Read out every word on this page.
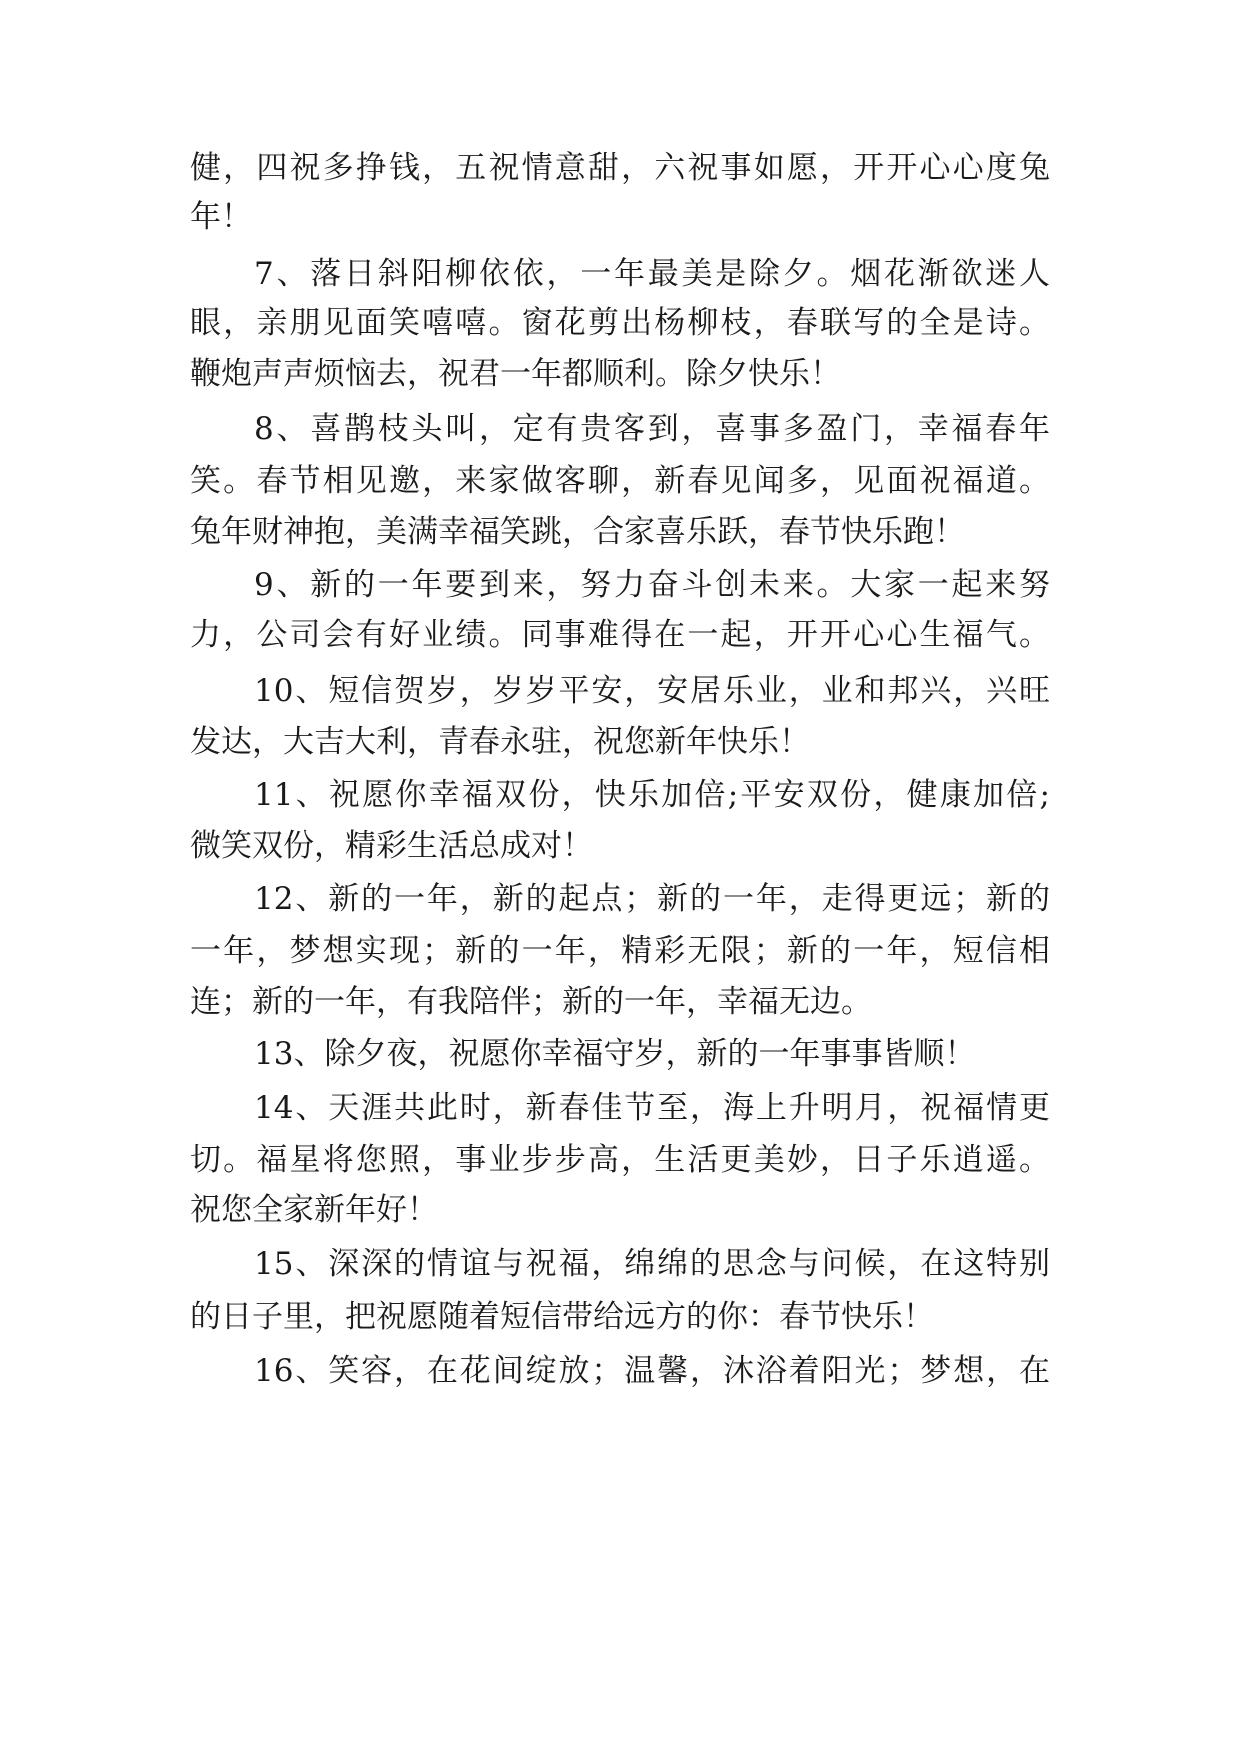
健，四祝多挣钱，五祝情意甜，六祝事如愿，开开心心度兔
年！
7、落日斜阳柳依依，一年最美是除夕。烟花渐欲迷人
眼，亲朋见面笑嘻嘻。窗花剪出杨柳枝，春联写的全是诗。
鞭炮声声烦恼去，祝君一年都顺利。除夕快乐！
8、喜鹊枝头叫，定有贵客到，喜事多盈门，幸福春年
笑。春节相见邀，来家做客聊，新春见闻多，见面祝福道。
兔年财神抱，美满幸福笑跳，合家喜乐跃，春节快乐跑！
9、新的一年要到来，努力奋斗创未来。大家一起来努
力，公司会有好业绩。同事难得在一起，开开心心生福气。
10、短信贺岁，岁岁平安，安居乐业，业和邦兴，兴旺
发达，大吉大利，青春永驻，祝您新年快乐！
11、祝愿你幸福双份，快乐加倍;平安双份，健康加倍;
微笑双份，精彩生活总成对！
12、新的一年，新的起点；新的一年，走得更远；新的
一年，梦想实现；新的一年，精彩无限；新的一年，短信相
连；新的一年，有我陪伴；新的一年，幸福无边。
13、除夕夜，祝愿你幸福守岁，新的一年事事皆顺！
14、天涯共此时，新春佳节至，海上升明月，祝福情更
切。福星将您照，事业步步高，生活更美妙，日子乐逍遥。
祝您全家新年好！
15、深深的情谊与祝福，绵绵的思念与问候，在这特别
的日子里，把祝愿随着短信带给远方的你：春节快乐！
16、笑容，在花间绽放；温馨，沐浴着阳光；梦想，在
